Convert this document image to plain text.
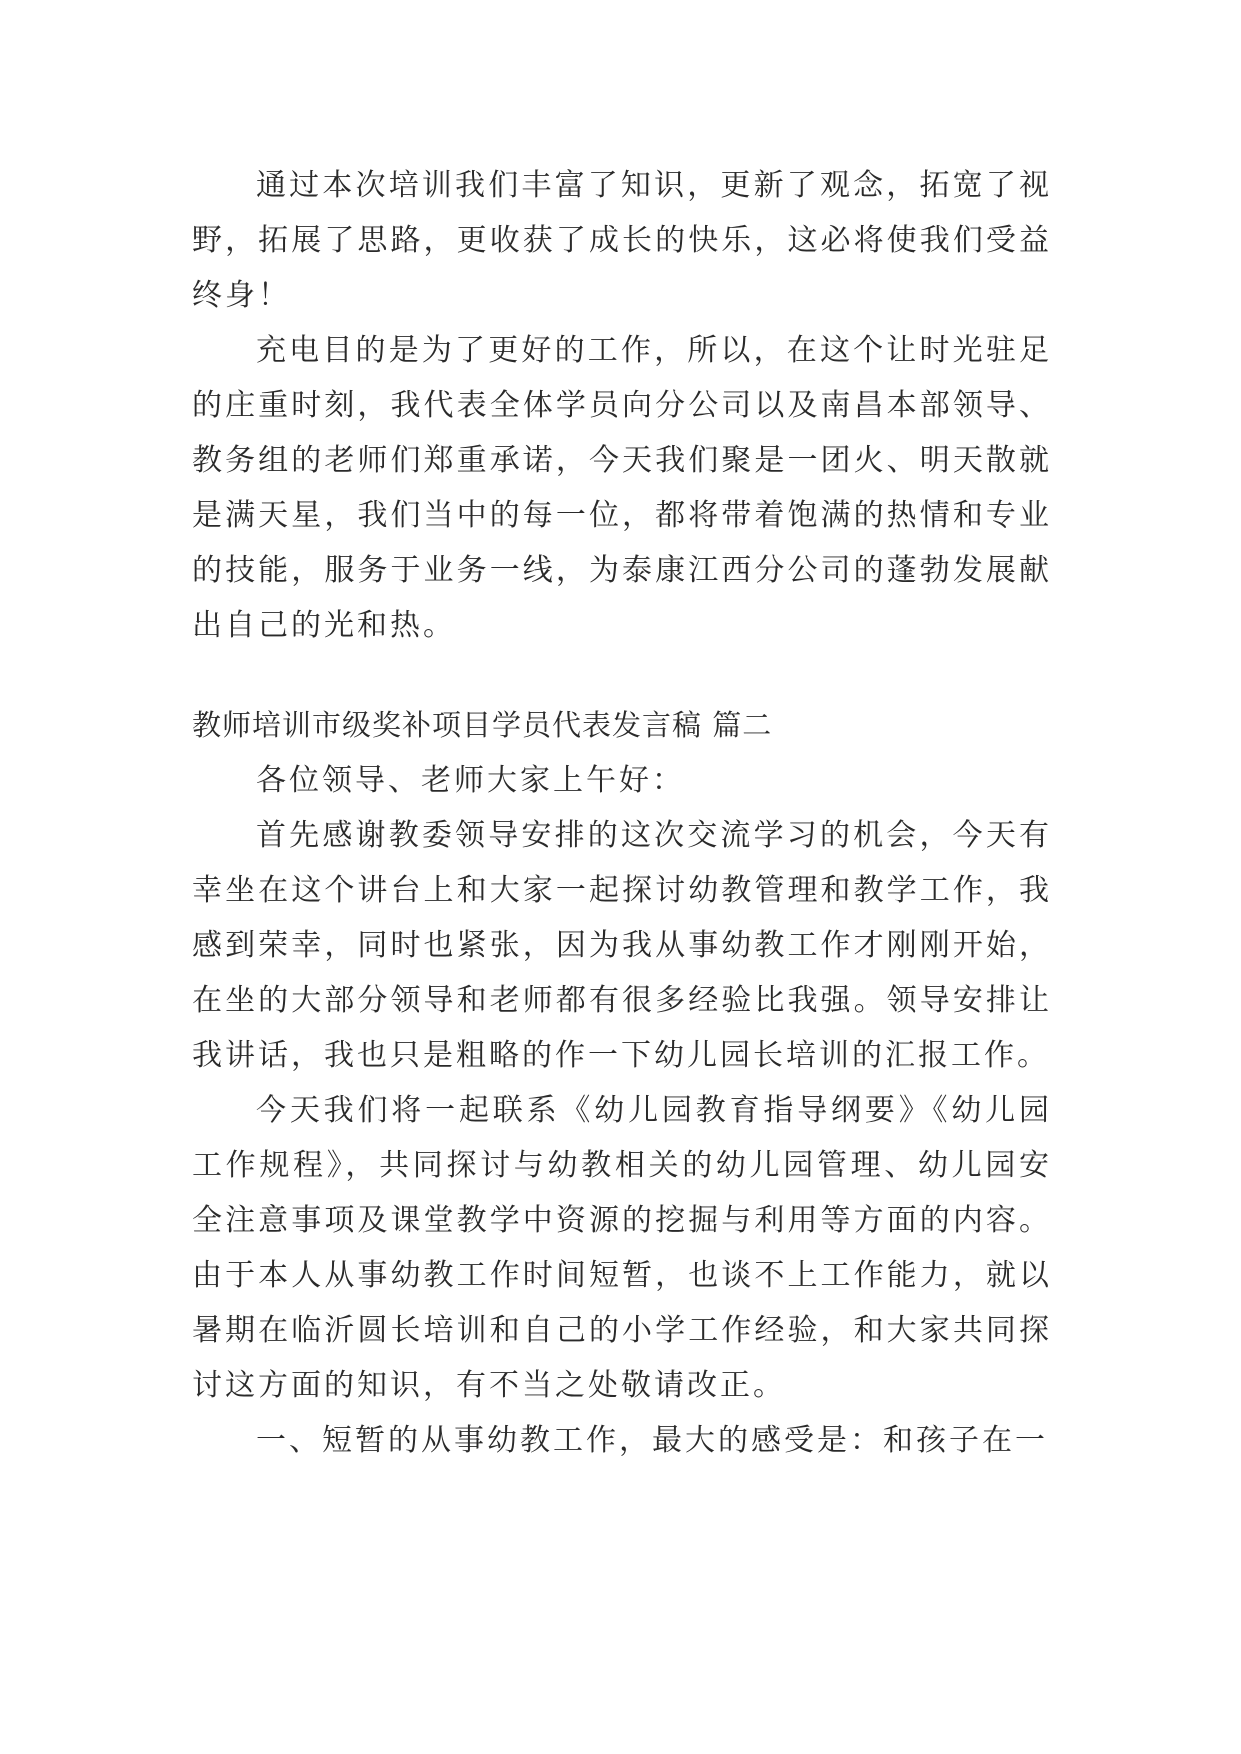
通过本次培训我们丰富了知识，更新了观念，拓宽了视野，拓展了思路，更收获了成长的快乐，这必将使我们受益终身！

充电目的是为了更好的工作，所以，在这个让时光驻足的庄重时刻，我代表全体学员向分公司以及南昌本部领导、教务组的老师们郑重承诺，今天我们聚是一团火、明天散就是满天星，我们当中的每一位，都将带着饱满的热情和专业的技能，服务于业务一线，为泰康江西分公司的蓬勃发展献出自己的光和热。

教师培训市级奖补项目学员代表发言稿 篇二

各位领导、老师大家上午好：

首先感谢教委领导安排的这次交流学习的机会，今天有幸坐在这个讲台上和大家一起探讨幼教管理和教学工作，我感到荣幸，同时也紧张，因为我从事幼教工作才刚刚开始，在坐的大部分领导和老师都有很多经验比我强。领导安排让我讲话，我也只是粗略的作一下幼儿园长培训的汇报工作。

今天我们将一起联系《幼儿园教育指导纲要》《幼儿园工作规程》，共同探讨与幼教相关的幼儿园管理、幼儿园安全注意事项及课堂教学中资源的挖掘与利用等方面的内容。由于本人从事幼教工作时间短暂，也谈不上工作能力，就以暑期在临沂圆长培训和自己的小学工作经验，和大家共同探讨这方面的知识，有不当之处敬请改正。

一、短暂的从事幼教工作，最大的感受是：和孩子在一
